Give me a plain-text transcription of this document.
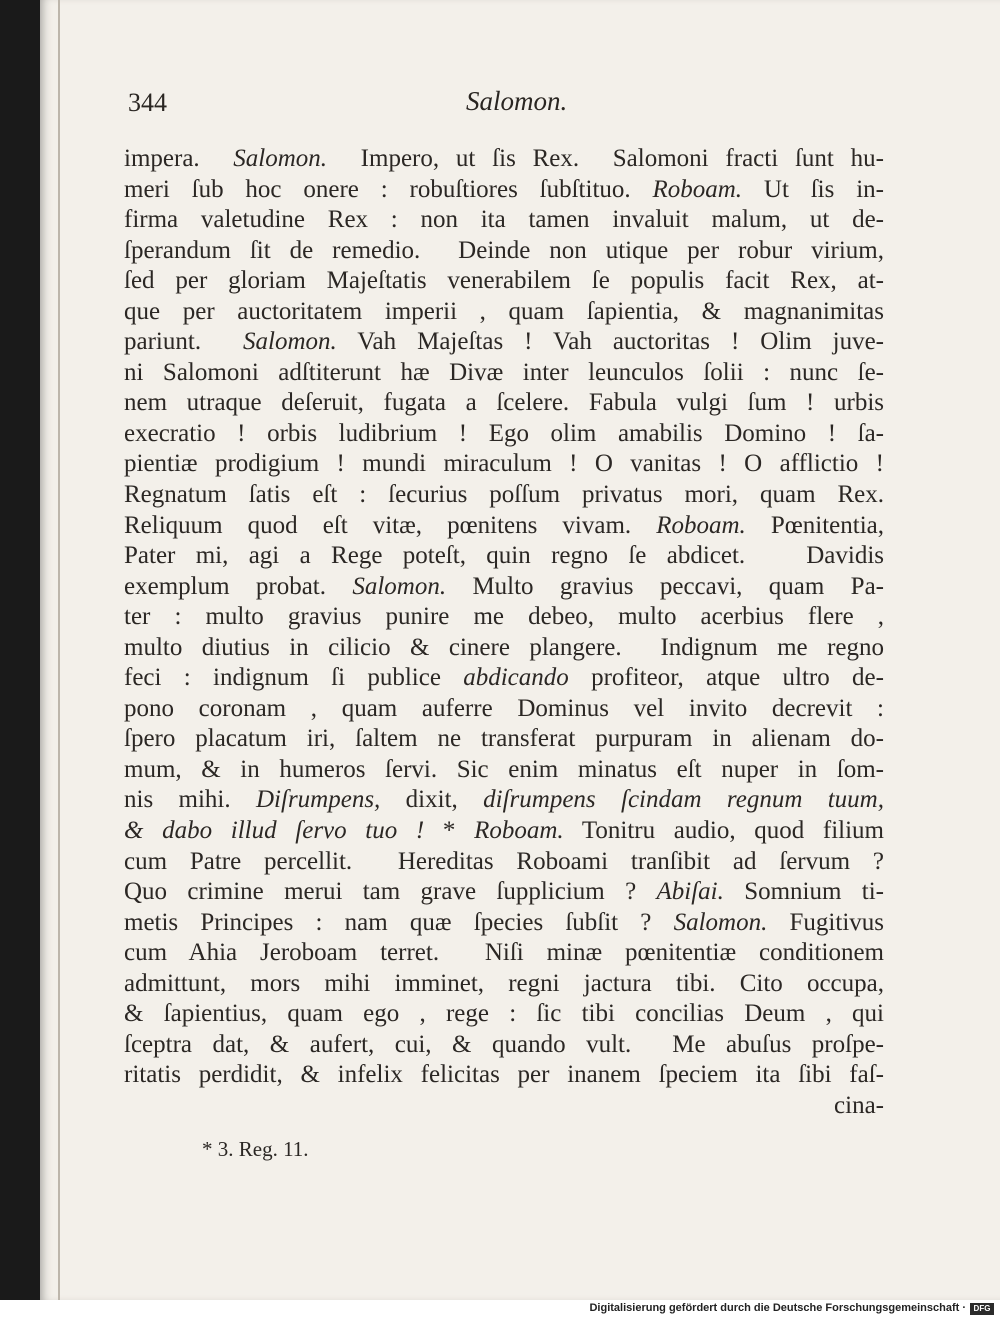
344	Salomon.
impera.  Salomon.  Impero, ut ſis Rex.  Salomoni fracti ſunt hu-
meri ſub hoc onere : robuſtiores ſubſtituo. Roboam. Ut ſis in-
firma valetudine Rex : non ita tamen invaluit malum, ut de-
ſperandum ſit de remedio.  Deinde non utique per robur virium,
ſed per gloriam Majeſtatis venerabilem ſe populis facit Rex, at-
que per auctoritatem imperii , quam ſapientia, & magnanimitas
pariunt.  Salomon. Vah Majeſtas ! Vah auctoritas ! Olim juve-
ni Salomoni adſtiterunt hæ Divæ inter leunculos ſolii : nunc ſe-
nem utraque deſeruit, fugata a ſcelere. Fabula vulgi ſum ! urbis
execratio ! orbis ludibrium ! Ego olim amabilis Domino ! ſa-
pientiæ prodigium ! mundi miraculum ! O vanitas ! O afflictio !
Regnatum ſatis eſt : ſecurius poſſum privatus mori, quam Rex.
Reliquum quod eſt vitæ, pœnitens vivam. Roboam. Pœnitentia,
Pater mi, agi a Rege poteſt, quin regno ſe abdicet.   Davidis
exemplum probat. Salomon. Multo gravius peccavi, quam Pa-
ter : multo gravius punire me debeo, multo acerbius flere ,
multo diutius in cilicio & cinere plangere.  Indignum me regno
feci : indignum ſi publice abdicando profiteor, atque ultro de-
pono coronam , quam auferre Dominus vel invito decrevit :
ſpero placatum iri, ſaltem ne transferat purpuram in alienam do-
mum, & in humeros ſervi. Sic enim minatus eſt nuper in ſom-
nis mihi. Diſrumpens, dixit, diſrumpens ſcindam regnum tuum,
& dabo illud ſervo tuo ! * Roboam. Tonitru audio, quod filium
cum Patre percellit.  Hereditas Roboami tranſibit ad ſervum ?
Quo crimine merui tam grave ſupplicium ? Abiſai. Somnium ti-
metis Principes : nam quæ ſpecies ſubſit ? Salomon. Fugitivus
cum Ahia Jeroboam terret.  Niſi minæ pœnitentiæ conditionem
admittunt, mors mihi imminet, regni jactura tibi. Cito occupa,
& ſapientius, quam ego , rege : ſic tibi concilias Deum , qui
ſceptra dat, & aufert, cui, & quando vult.  Me abuſus proſpe-
ritatis perdidit, & infelix felicitas per inanem ſpeciem ita ſibi faſ-
cina-
* 3. Reg. 11.
Digitalisierung gefördert durch die Deutsche Forschungsgemeinschaft · DFG
